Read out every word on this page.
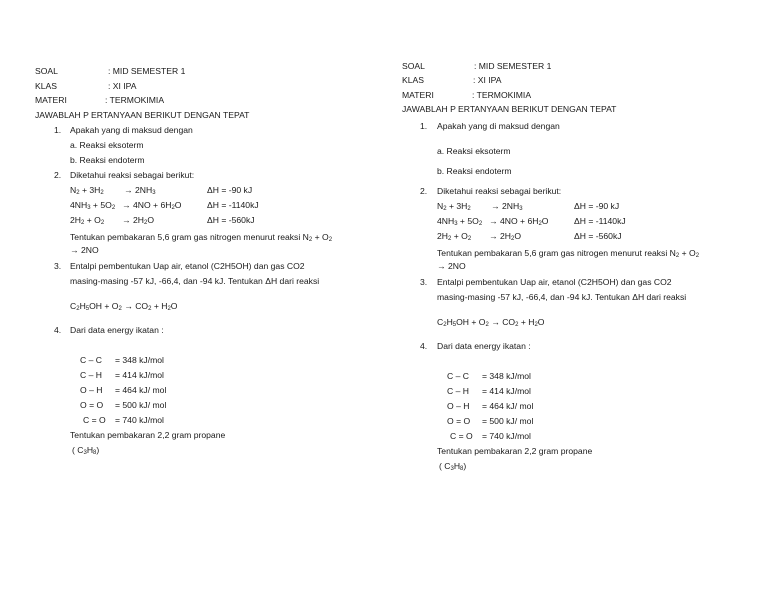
SOAL	: MID SEMESTER 1
KLAS	: XI IPA
MATERI	: TERMOKIMIA
JAWABLAH P ERTANYAAN BERIKUT DENGAN TEPAT
1. Apakah yang di maksud dengan
a. Reaksi eksoterm
b. Reaksi endoterm
2. Diketahui reaksi sebagai berikut:
$N_2 + 3H_2 \to 2NH_3$	ΔH = -90 kJ
$4NH_3 + 5O_2 \to 4NO + 6H_2O$	ΔH = -1140kJ
$2H_2 + O_2 \to 2H_2O$	ΔH = -560kJ
Tentukan pembakaran 5,6 gram gas nitrogen menurut reaksi $N_2 + O_2$
→ 2NO
3. Entalpi pembentukan Uap air, etanol (C2H5OH) dan gas CO2
masing-masing -57 kJ, -66,4, dan -94 kJ. Tentukan ΔH dari reaksi
$C_2H_5OH + O_2 \to CO_2 + H_2O$
4. Dari data energy ikatan :
C – C = 348 kJ/mol
C – H = 414 kJ/mol
O – H = 464 kJ/ mol
O = O = 500 kJ/ mol
C = O = 740 kJ/mol
Tentukan pembakaran 2,2 gram propane
( $C_3H_8$)
SOAL	: MID SEMESTER 1
KLAS	: XI IPA
MATERI	: TERMOKIMIA
JAWABLAH P ERTANYAAN BERIKUT DENGAN TEPAT
1. Apakah yang di maksud dengan
a. Reaksi eksoterm
b. Reaksi endoterm
2. Diketahui reaksi sebagai berikut:
$N_2 + 3H_2 \to 2NH_3$	ΔH = -90 kJ
$4NH_3 + 5O_2 \to 4NO + 6H_2O$	ΔH = -1140kJ
$2H_2 + O_2 \to 2H_2O$	ΔH = -560kJ
Tentukan pembakaran 5,6 gram gas nitrogen menurut reaksi $N_2 + O_2$
→ 2NO
3. Entalpi pembentukan Uap air, etanol (C2H5OH) dan gas CO2
masing-masing -57 kJ, -66,4, dan -94 kJ. Tentukan ΔH dari reaksi
$C_2H_5OH + O_2 \to CO_2 + H_2O$
4. Dari data energy ikatan :
C – C = 348 kJ/mol
C – H = 414 kJ/mol
O – H = 464 kJ/ mol
O = O = 500 kJ/ mol
C = O = 740 kJ/mol
Tentukan pembakaran 2,2 gram propane
( $C_3H_8$)
